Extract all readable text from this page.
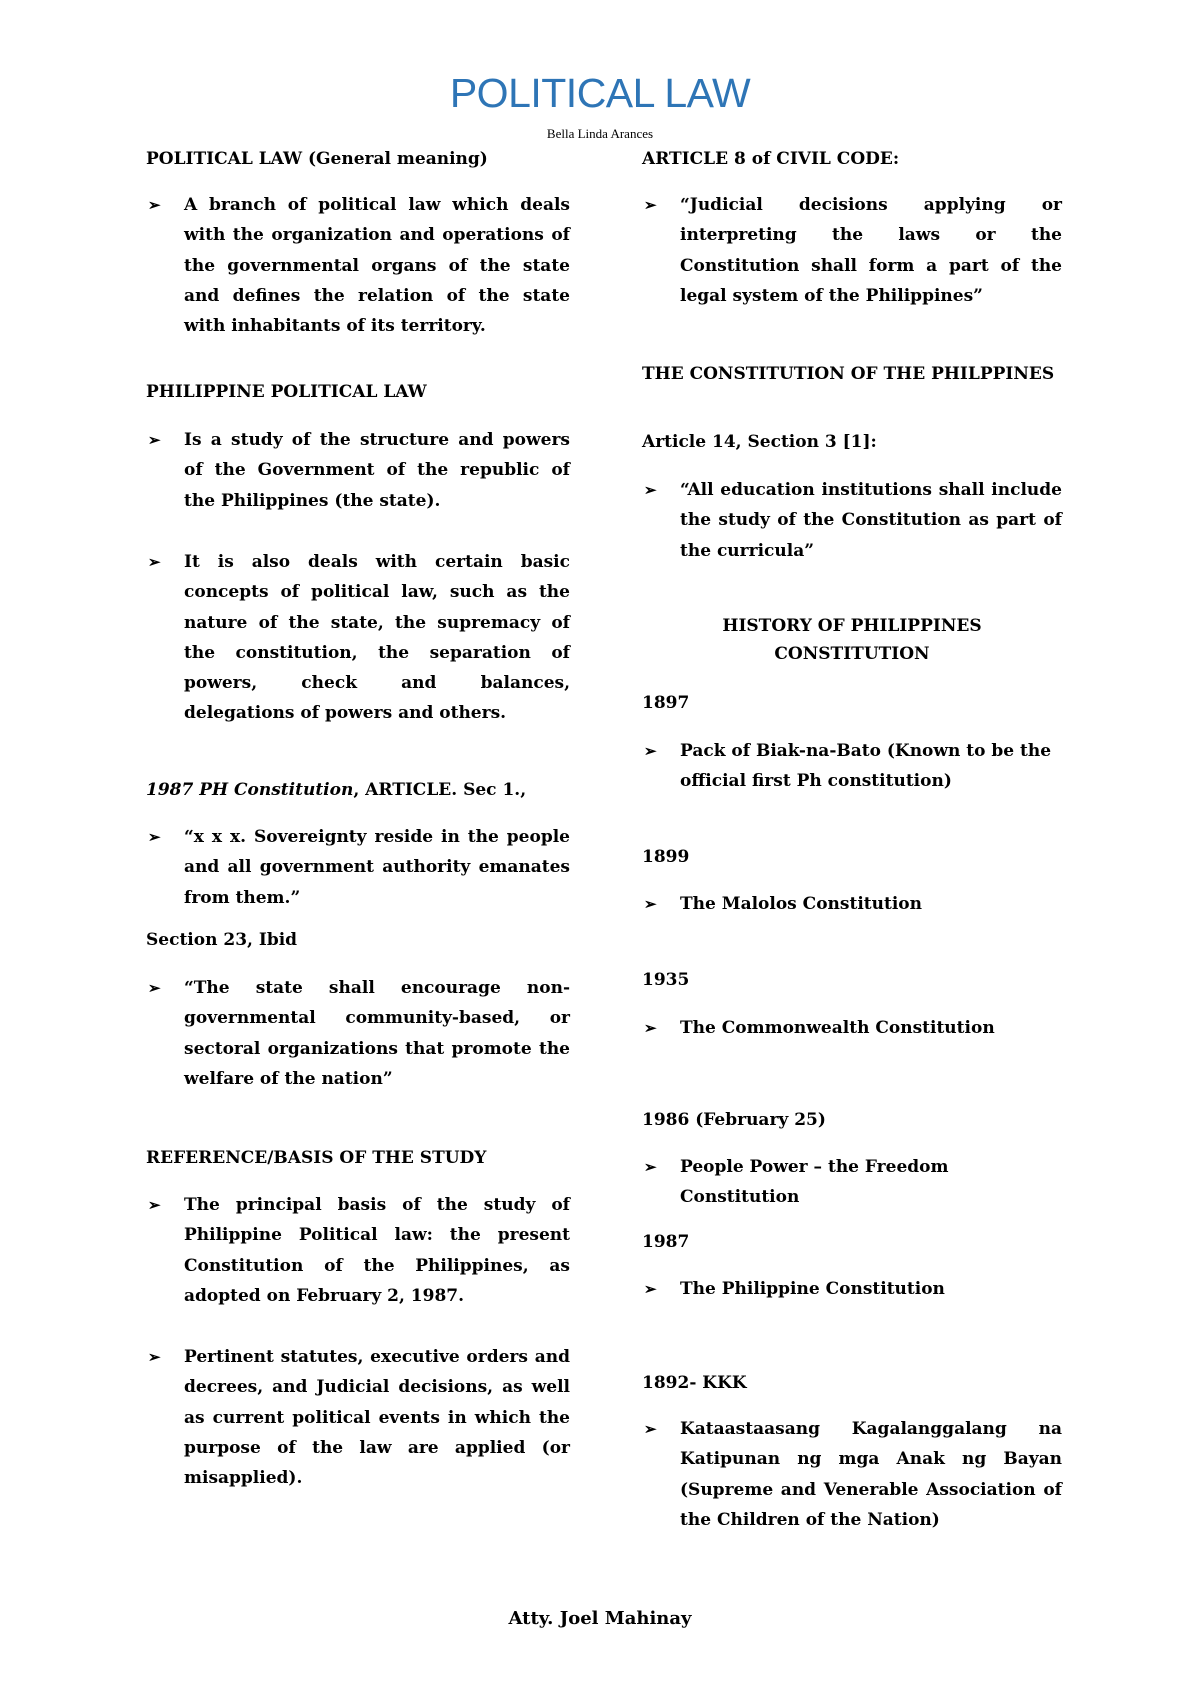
POLITICAL LAW
Bella Linda Arances
POLITICAL LAW (General meaning)
➢ A branch of political law which deals with the organization and operations of the governmental organs of the state and defines the relation of the state with inhabitants of its territory.
PHILIPPINE POLITICAL LAW
➢ Is a study of the structure and powers of the Government of the republic of the Philippines (the state).
➢ It is also deals with certain basic concepts of political law, such as the nature of the state, the supremacy of the constitution, the separation of powers, check and balances, delegations of powers and others.
1987 PH Constitution, ARTICLE. Sec 1.,
➢ “x x x. Sovereignty reside in the people and all government authority emanates from them.”
Section 23, Ibid
➢ “The state shall encourage non-governmental community-based, or sectoral organizations that promote the welfare of the nation”
REFERENCE/BASIS OF THE STUDY
➢ The principal basis of the study of Philippine Political law: the present Constitution of the Philippines, as adopted on February 2, 1987.
➢ Pertinent statutes, executive orders and decrees, and Judicial decisions, as well as current political events in which the purpose of the law are applied (or misapplied).
ARTICLE 8 of CIVIL CODE:
➢ “Judicial decisions applying or interpreting the laws or the Constitution shall form a part of the legal system of the Philippines”
THE CONSTITUTION OF THE PHILPPINES
Article 14, Section 3 [1]:
➢ “All education institutions shall include the study of the Constitution as part of the curricula”
HISTORY OF PHILIPPINES CONSTITUTION
1897
➢ Pack of Biak-na-Bato (Known to be the official first Ph constitution)
1899
➢ The Malolos Constitution
1935
➢ The Commonwealth Constitution
1986 (February 25)
➢ People Power – the Freedom Constitution
1987
➢ The Philippine Constitution
1892- KKK
➢ Kataastaasang Kagalanggalang na Katipunan ng mga Anak ng Bayan (Supreme and Venerable Association of the Children of the Nation)
Atty. Joel Mahinay
